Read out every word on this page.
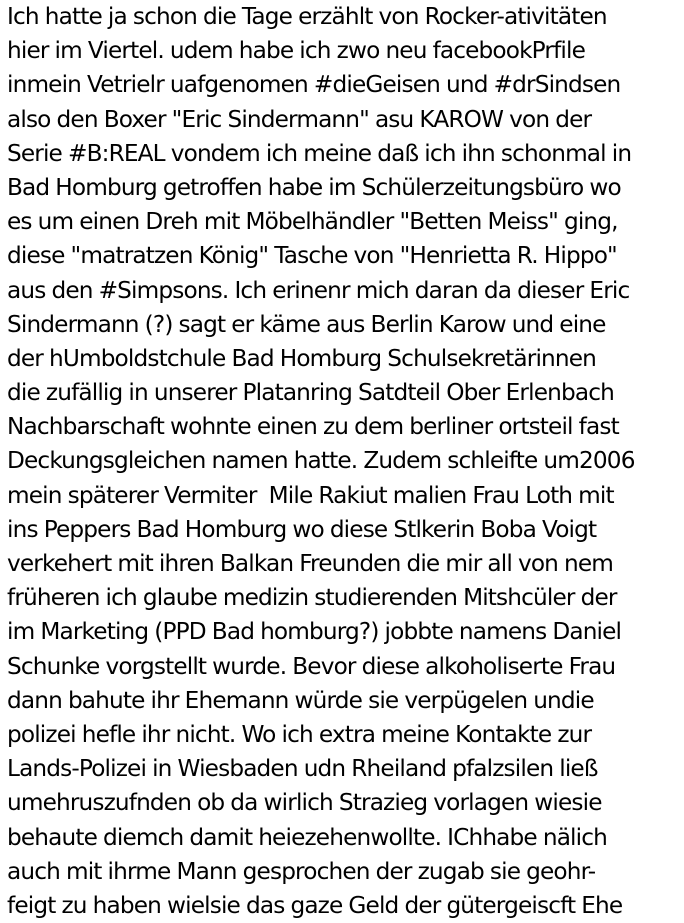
Ich hatte ja schon die Tage erzählt von Rocker-ativitäten
hier im Viertel. udem habe ich zwo neu facebookPrfile
inmein Vetrielr uafgenomen #dieGeisen und #drSindsen
also den Boxer "Eric Sindermann" asu KAROW von der
Serie #B:REAL vondem ich meine daß ich ihn schonmal in
Bad Homburg getroffen habe im Schülerzeitungsbüro wo
es um einen Dreh mit Möbelhändler "Betten Meiss" ging,
diese "matratzen König" Tasche von "Henrietta R. Hippo"
aus den #Simpsons. Ich erinenr mich daran da dieser Eric
Sindermann (?) sagt er käme aus Berlin Karow und eine
der hUmboldstchule Bad Homburg Schulsekretärinnen
die zufällig in unserer Platanring Satdteil Ober Erlenbach
Nachbarschaft wohnte einen zu dem berliner ortsteil fast
Deckungsgleichen namen hatte. Zudem schleifte um2006
mein späterer Vermiter  Mile Rakiut malien Frau Loth mit
ins Peppers Bad Homburg wo diese Stlkerin Boba Voigt
verkehert mit ihren Balkan Freunden die mir all von nem
früheren ich glaube medizin studierenden Mitshcüler der
im Marketing (PPD Bad homburg?) jobbte namens Daniel
Schunke vorgstellt wurde. Bevor diese alkoholiserte Frau
dann bahute ihr Ehemann würde sie verpügelen undie
polizei hefle ihr nicht. Wo ich extra meine Kontakte zur
Lands-Polizei in Wiesbaden udn Rheiland pfalzsilen ließ
umehruszufnden ob da wirlich Strazieg vorlagen wiesie
behaute diemch damit heiezehenwollte. IChhabe nälich
auch mit ihrme Mann gesprochen der zugab sie geohr-
feigt zu haben wielsie das gaze Geld der gütergeiscft Ehe
